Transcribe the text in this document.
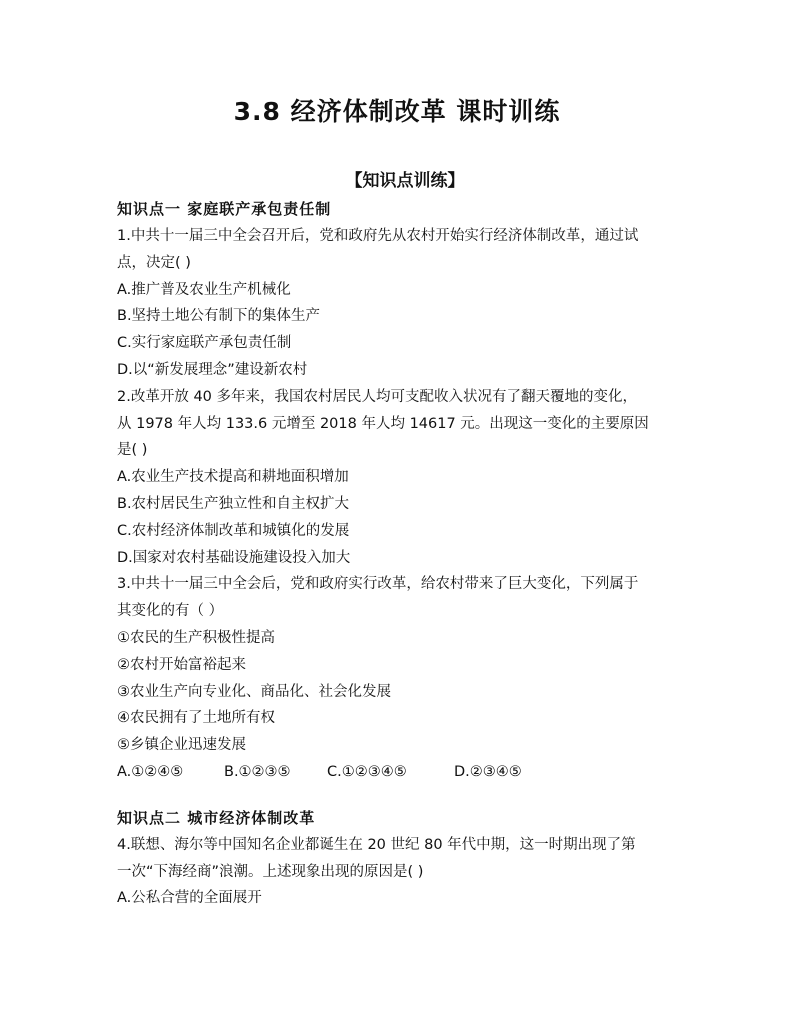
3.8 经济体制改革 课时训练
【知识点训练】
知识点一 家庭联产承包责任制
1.中共十一届三中全会召开后，党和政府先从农村开始实行经济体制改革，通过试
点，决定( )
A.推广普及农业生产机械化
B.坚持土地公有制下的集体生产
C.实行家庭联产承包责任制
D.以“新发展理念”建设新农村
2.改革开放 40 多年来，我国农村居民人均可支配收入状况有了翻天覆地的变化，
从 1978 年人均 133.6 元增至 2018 年人均 14617 元。出现这一变化的主要原因
是( )
A.农业生产技术提高和耕地面积增加
B.农村居民生产独立性和自主权扩大
C.农村经济体制改革和城镇化的发展
D.国家对农村基础设施建设投入加大
3.中共十一届三中全会后，党和政府实行改革，给农村带来了巨大变化，下列属于
其变化的有（ ）
①农民的生产积极性提高
②农村开始富裕起来
③农业生产向专业化、商品化、社会化发展
④农民拥有了土地所有权
⑤乡镇企业迅速发展
A.①②④⑤	B.①②③⑤	C.①②③④⑤	D.②③④⑤
知识点二 城市经济体制改革
4.联想、海尔等中国知名企业都诞生在 20 世纪 80 年代中期，这一时期出现了第
一次“下海经商”浪潮。上述现象出现的原因是( )
A.公私合营的全面展开
